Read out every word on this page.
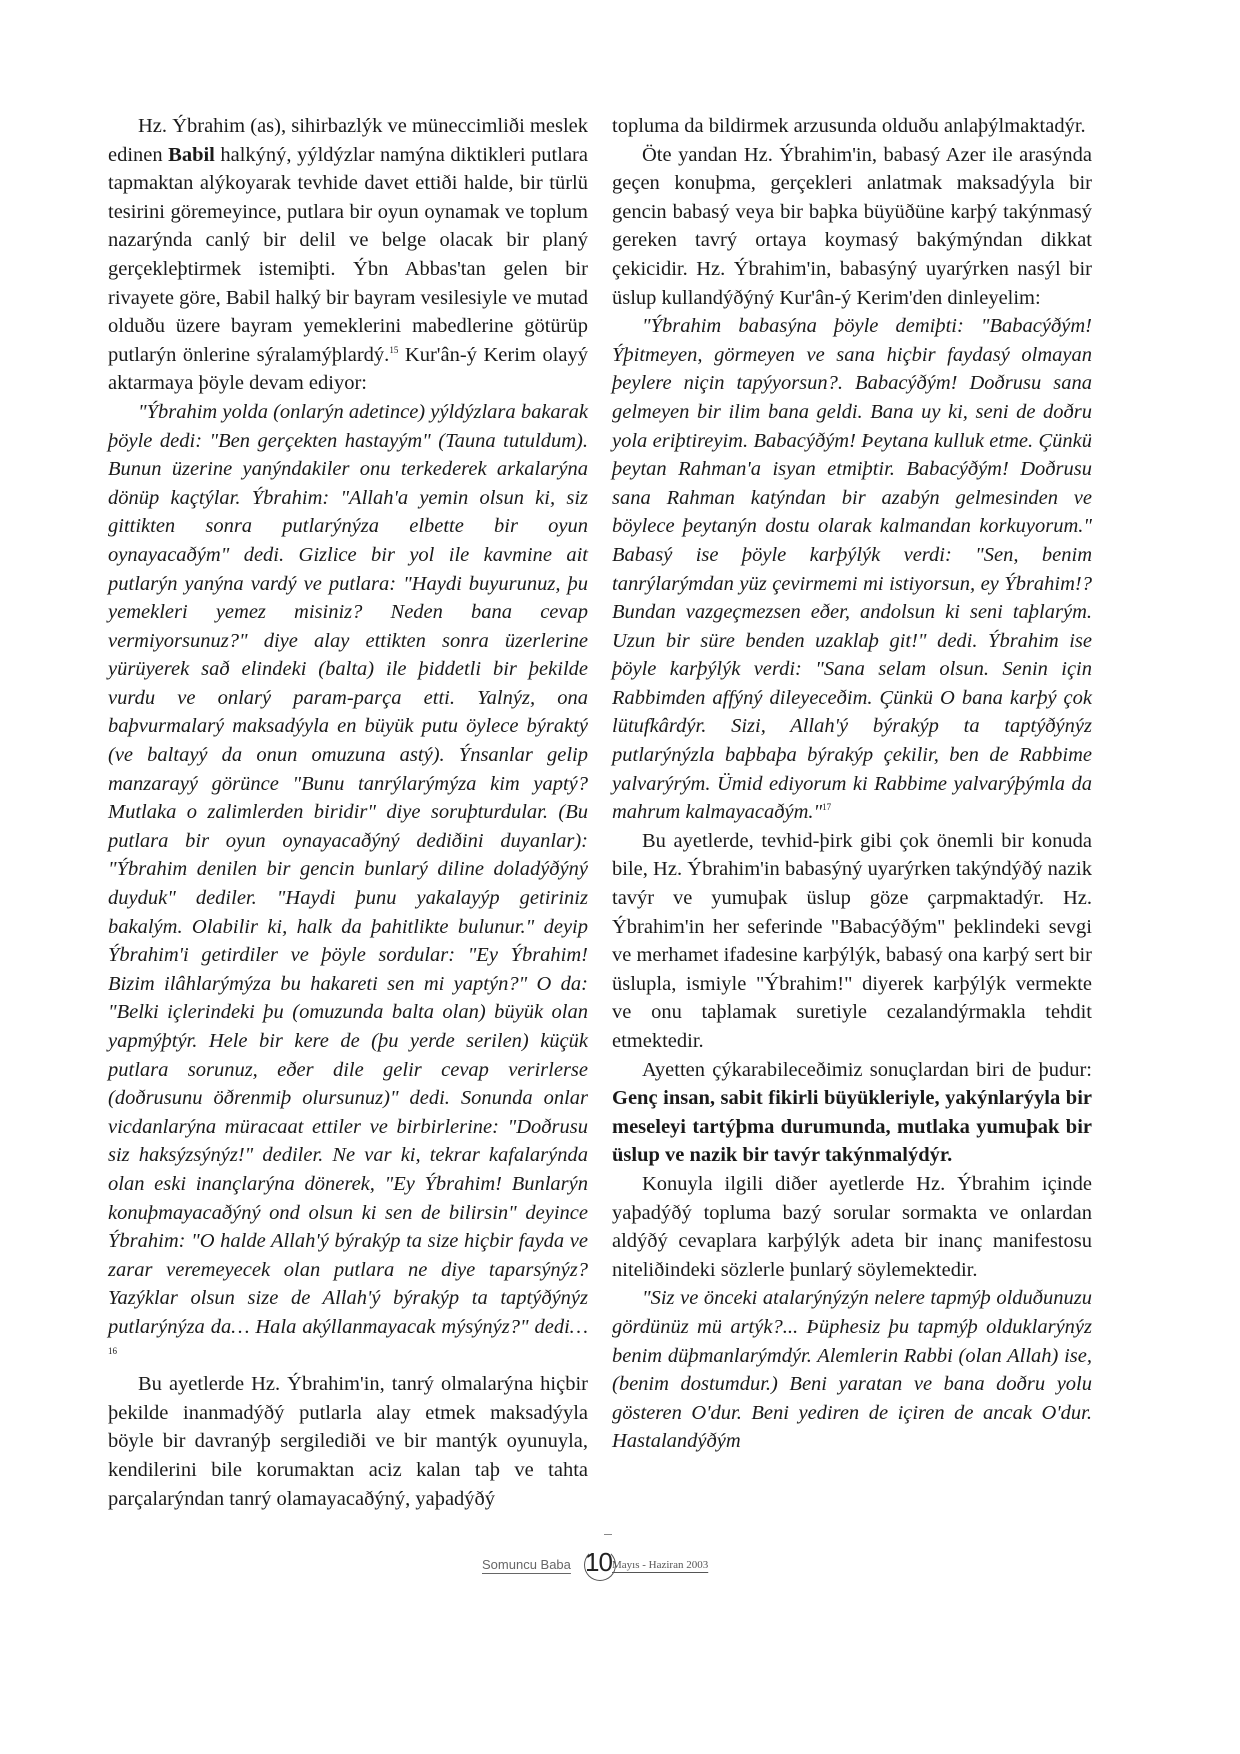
Hz. Ýbrahim (as), sihirbazlýk ve müneccimliði meslek edinen Babil halkýný, yýldýzlar namýna diktikleri putlara tapmaktan alýkoyarak tevhide davet ettiði halde, bir türlü tesirini göremeyince, putlara bir oyun oynamak ve toplum nazarýnda canlý bir delil ve belge olacak bir planý gerçekleþtirmek istemiþti. Ýbn Abbas'tan gelen bir rivayete göre, Babil halký bir bayram vesilesiyle ve mutad olduðu üzere bayram yemeklerini mabedlerine götürüp putlarýn önlerine sýralamýþlardý.$^{15}$ Kur'ân-ý Kerim olayý aktarmaya þöyle devam ediyor:

"Ýbrahim yolda (onlarýn adetince) yýldýzlara bakarak þöyle dedi: "Ben gerçekten hastayým" (Tauna tutuldum). Bunun üzerine yanýndakiler onu terkederek arkalarýna dönüp kaçtýlar. Ýbrahim: "Allah'a yemin olsun ki, siz gittikten sonra putlarýnýza elbette bir oyun oynayacaðým" dedi. Gizlice bir yol ile kavmine ait putlarýn yanýna vardý ve putlara: "Haydi buyurunuz, þu yemekleri yemez misiniz? Neden bana cevap vermiyorsunuz?" diye alay ettikten sonra üzerlerine yürüyerek sað elindeki (balta) ile þiddetli bir þekilde vurdu ve onlarý param-parça etti. Yalnýz, ona baþvurmalarý maksadýyla en büyük putu öylece býraktý (ve baltayý da onun omuzuna astý). Ýnsanlar gelip manzarayý görünce "Bunu tanrýlarýmýza kim yaptý? Mutlaka o zalimlerden biridir" diye soruþturdular. (Bu putlara bir oyun oynayacaðýný dediðini duyanlar): "Ýbrahim denilen bir gencin bunlarý diline doladýðýný duyduk" dediler. "Haydi þunu yakalayýp getiriniz bakalým. Olabilir ki, halk da þahitlikte bulunur." deyip Ýbrahim'i getirdiler ve þöyle sordular: "Ey Ýbrahim! Bizim ilâhlarýmýza bu hakareti sen mi yaptýn?" O da: "Belki içlerindeki þu (omuzunda balta olan) büyük olan yapmýþtýr. Hele bir kere de (þu yerde serilen) küçük putlara sorunuz, eðer dile gelir cevap verirlerse (doðrusunu öðrenmiþ olursunuz)" dedi. Sonunda onlar vicdanlarýna müracaat ettiler ve birbirlerine: "Doðrusu siz haksýzsýnýz!" dediler. Ne var ki, tekrar kafalarýnda olan eski inançlarýna dönerek, "Ey Ýbrahim! Bunlarýn konuþmayacaðýný ond olsun ki sen de bilirsin" deyince Ýbrahim: "O halde Allah'ý býrakýp ta size hiçbir fayda ve zarar veremeyecek olan putlara ne diye taparsýnýz? Yazýklar olsun size de Allah'ý býrakýp ta taptýðýnýz putlarýnýza da… Hala akýllanmayacak mýsýnýz?" dedi…$^{16}$

Bu ayetlerde Hz. Ýbrahim'in, tanrý olmalarýna hiçbir þekilde inanmadýðý putlarla alay etmek maksadýyla böyle bir davranýþ sergilediði ve bir mantýk oyunuyla, kendilerini bile korumaktan aciz kalan taþ ve tahta parçalarýndan tanrý olamayacaðýný, yaþadýðý

topluma da bildirmek arzusunda olduðu anlaþýlmaktadýr.

Öte yandan Hz. Ýbrahim'in, babasý Azer ile arasýnda geçen konuþma, gerçekleri anlatmak maksadýyla bir gencin babasý veya bir baþka büyüðüne karþý takýnmasý gereken tavrý ortaya koymasý bakýmýndan dikkat çekicidir. Hz. Ýbrahim'in, babasýný uyarýrken nasýl bir üslup kullandýðýný Kur'ân-ý Kerim'den dinleyelim:

"Ýbrahim babasýna þöyle demiþti: "Babacýðým! Ýþitmeyen, görmeyen ve sana hiçbir faydasý olmayan þeylere niçin tapýyorsun?. Babacýðým! Doðrusu sana gelmeyen bir ilim bana geldi. Bana uy ki, seni de doðru yola eriþtireyim. Babacýðým! Þeytana kulluk etme. Çünkü þeytan Rahman'a isyan etmiþtir. Babacýðým! Doðrusu sana Rahman katýndan bir azabýn gelmesinden ve böylece þeytanýn dostu olarak kalmandan korkuyorum." Babasý ise þöyle karþýlýk verdi: "Sen, benim tanrýlarýmdan yüz çevirmemi mi istiyorsun, ey Ýbrahim!? Bundan vazgeçmezsen eðer, andolsun ki seni taþlarým. Uzun bir süre benden uzaklaþ git!" dedi. Ýbrahim ise þöyle karþýlýk verdi: "Sana selam olsun. Senin için Rabbimden affýný dileyeceðim. Çünkü O bana karþý çok lütufkârdýr. Sizi, Allah'ý býrakýp ta taptýðýnýz putlarýnýzla baþbaþa býrakýp çekilir, ben de Rabbime yalvarýrým. Ümid ediyorum ki Rabbime yalvarýþýmla da mahrum kalmayacaðým."$^{17}$

Bu ayetlerde, tevhid-þirk gibi çok önemli bir konuda bile, Hz. Ýbrahim'in babasýný uyarýrken takýndýðý nazik tavýr ve yumuþak üslup göze çarpmaktadýr. Hz. Ýbrahim'in her seferinde "Babacýðým" þeklindeki sevgi ve merhamet ifadesine karþýlýk, babasý ona karþý sert bir üslupla, ismiyle "Ýbrahim!" diyerek karþýlýk vermekte ve onu taþlamak suretiyle cezalandýrmakla tehdit etmektedir.

Ayetten çýkarabileceðimiz sonuçlardan biri de þudur: Genç insan, sabit fikirli büyükleriyle, yakýnlarýyla bir meseleyi tartýþma durumunda, mutlaka yumuþak bir üslup ve nazik bir tavýr takýnmalýdýr.

Konuyla ilgili diðer ayetlerde Hz. Ýbrahim içinde yaþadýðý topluma bazý sorular sormakta ve onlardan aldýðý cevaplara karþýlýk adeta bir inanç manifestosu niteliðindeki sözlerle þunlarý söylemektedir.

"Siz ve önceki atalarýnýzýn nelere tapmýþ olduðunuzu gördünüz mü artýk?... Þüphesiz þu tapmýþ olduklarýnýz benim düþmanlarýmdýr. Alemlerin Rabbi (olan Allah) ise, (benim dostumdur.) Beni yaratan ve bana doðru yolu gösteren O'dur. Beni yediren de içiren de ancak O'dur. Hastalandýðým

Somuncu Baba 10 Mayıs - Haziran 2003
